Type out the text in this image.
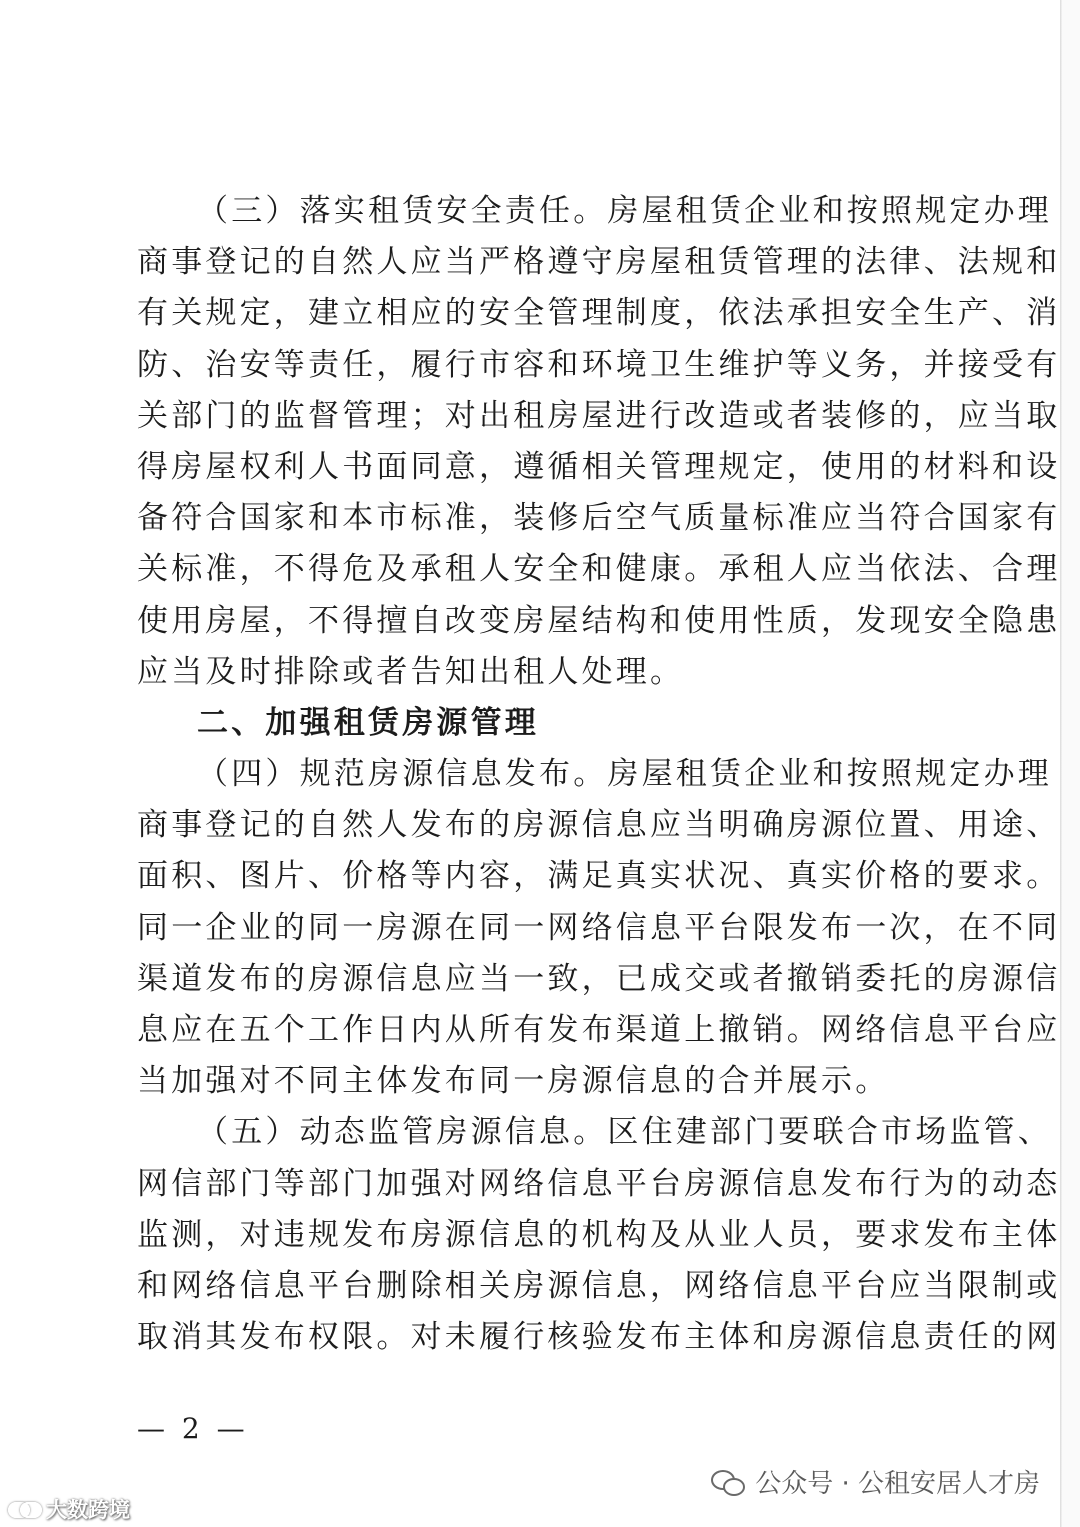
（三）落实租赁安全责任。房屋租赁企业和按照规定办理
商事登记的自然人应当严格遵守房屋租赁管理的法律、法规和
有关规定，建立相应的安全管理制度，依法承担安全生产、消
防、治安等责任，履行市容和环境卫生维护等义务，并接受有
关部门的监督管理；对出租房屋进行改造或者装修的，应当取
得房屋权利人书面同意，遵循相关管理规定，使用的材料和设
备符合国家和本市标准，装修后空气质量标准应当符合国家有
关标准，不得危及承租人安全和健康。承租人应当依法、合理
使用房屋，不得擅自改变房屋结构和使用性质，发现安全隐患
应当及时排除或者告知出租人处理。
二、加强租赁房源管理
（四）规范房源信息发布。房屋租赁企业和按照规定办理
商事登记的自然人发布的房源信息应当明确房源位置、用途、
面积、图片、价格等内容，满足真实状况、真实价格的要求。
同一企业的同一房源在同一网络信息平台限发布一次，在不同
渠道发布的房源信息应当一致，已成交或者撤销委托的房源信
息应在五个工作日内从所有发布渠道上撤销。网络信息平台应
当加强对不同主体发布同一房源信息的合并展示。
（五）动态监管房源信息。区住建部门要联合市场监管、
网信部门等部门加强对网络信息平台房源信息发布行为的动态
监测，对违规发布房源信息的机构及从业人员，要求发布主体
和网络信息平台删除相关房源信息，网络信息平台应当限制或
取消其发布权限。对未履行核验发布主体和房源信息责任的网
— 2 —
公众号 · 公租安居人才房
大数跨境
